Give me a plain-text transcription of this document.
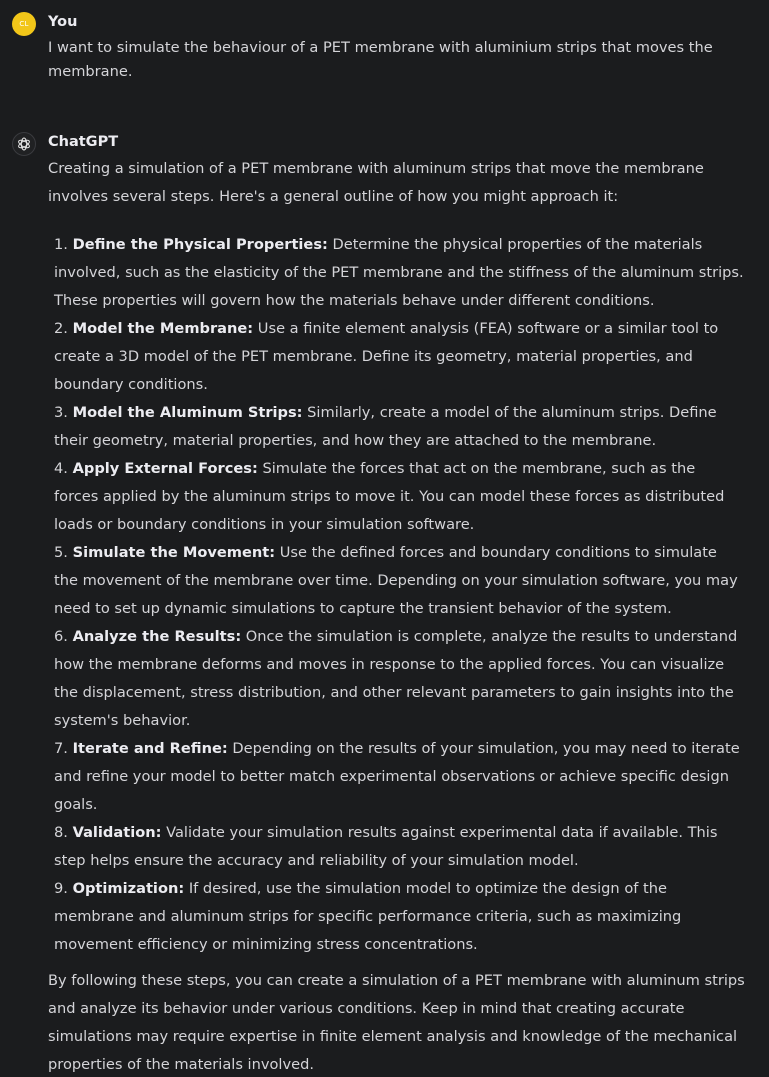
CL You
I want to simulate the behaviour of a PET membrane with aluminium strips that moves the membrane.
ChatGPT
Creating a simulation of a PET membrane with aluminum strips that move the membrane involves several steps. Here's a general outline of how you might approach it:
1. Define the Physical Properties: Determine the physical properties of the materials involved, such as the elasticity of the PET membrane and the stiffness of the aluminum strips. These properties will govern how the materials behave under different conditions.
2. Model the Membrane: Use a finite element analysis (FEA) software or a similar tool to create a 3D model of the PET membrane. Define its geometry, material properties, and boundary conditions.
3. Model the Aluminum Strips: Similarly, create a model of the aluminum strips. Define their geometry, material properties, and how they are attached to the membrane.
4. Apply External Forces: Simulate the forces that act on the membrane, such as the forces applied by the aluminum strips to move it. You can model these forces as distributed loads or boundary conditions in your simulation software.
5. Simulate the Movement: Use the defined forces and boundary conditions to simulate the movement of the membrane over time. Depending on your simulation software, you may need to set up dynamic simulations to capture the transient behavior of the system.
6. Analyze the Results: Once the simulation is complete, analyze the results to understand how the membrane deforms and moves in response to the applied forces. You can visualize the displacement, stress distribution, and other relevant parameters to gain insights into the system's behavior.
7. Iterate and Refine: Depending on the results of your simulation, you may need to iterate and refine your model to better match experimental observations or achieve specific design goals.
8. Validation: Validate your simulation results against experimental data if available. This step helps ensure the accuracy and reliability of your simulation model.
9. Optimization: If desired, use the simulation model to optimize the design of the membrane and aluminum strips for specific performance criteria, such as maximizing movement efficiency or minimizing stress concentrations.
By following these steps, you can create a simulation of a PET membrane with aluminum strips and analyze its behavior under various conditions. Keep in mind that creating accurate simulations may require expertise in finite element analysis and knowledge of the mechanical properties of the materials involved.
